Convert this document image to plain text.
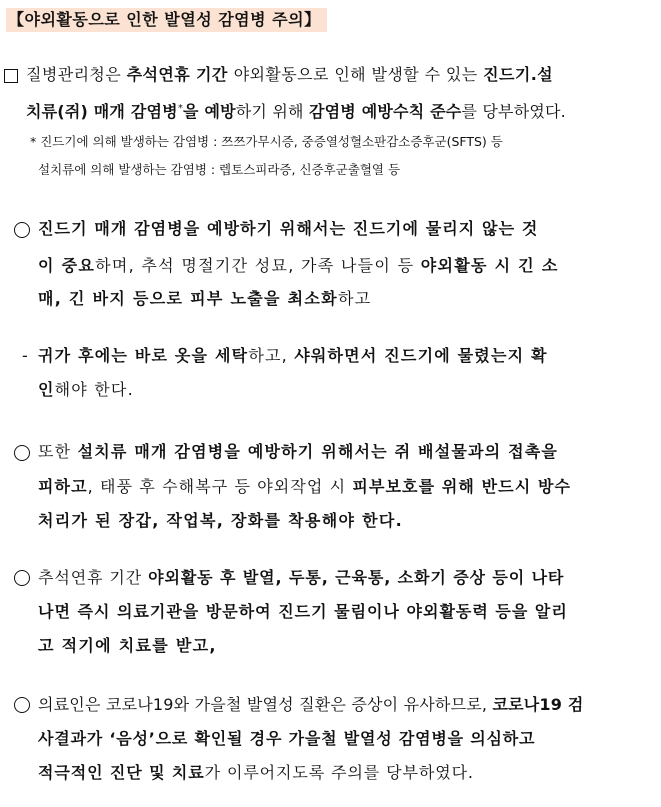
【야외활동으로 인한 발열성 감염병 주의】
질병관리청은 추석연휴 기간 야외활동으로 인해 발생할 수 있는 진드기.설
치류(쥐) 매개 감염병*을 예방하기 위해 감염병 예방수칙 준수를 당부하였다.
* 진드기에 의해 발생하는 감염병 : 쯔쯔가무시증, 중증열성혈소판감소증후군(SFTS) 등
설치류에 의해 발생하는 감염병 : 렙토스피라증, 신증후군출혈열 등
진드기 매개 감염병을 예방하기 위해서는 진드기에 물리지 않는 것
이 중요하며, 추석 명절기간 성묘, 가족 나들이 등 야외활동 시 긴 소
매, 긴 바지 등으로 피부 노출을 최소화하고
- 귀가 후에는 바로 옷을 세탁하고, 샤워하면서 진드기에 물렸는지 확
인해야 한다.
또한 설치류 매개 감염병을 예방하기 위해서는 쥐 배설물과의 접촉을
피하고, 태풍 후 수해복구 등 야외작업 시 피부보호를 위해 반드시 방수
처리가 된 장갑, 작업복, 장화를 착용해야 한다.
추석연휴 기간 야외활동 후 발열, 두통, 근육통, 소화기 증상 등이 나타
나면 즉시 의료기관을 방문하여 진드기 물림이나 야외활동력 등을 알리
고 적기에 치료를 받고,
의료인은 코로나19와 가을철 발열성 질환은 증상이 유사하므로, 코로나19 검
사결과가 ‘음성’으로 확인될 경우 가을철 발열성 감염병을 의심하고
적극적인 진단 및 치료가 이루어지도록 주의를 당부하였다.
